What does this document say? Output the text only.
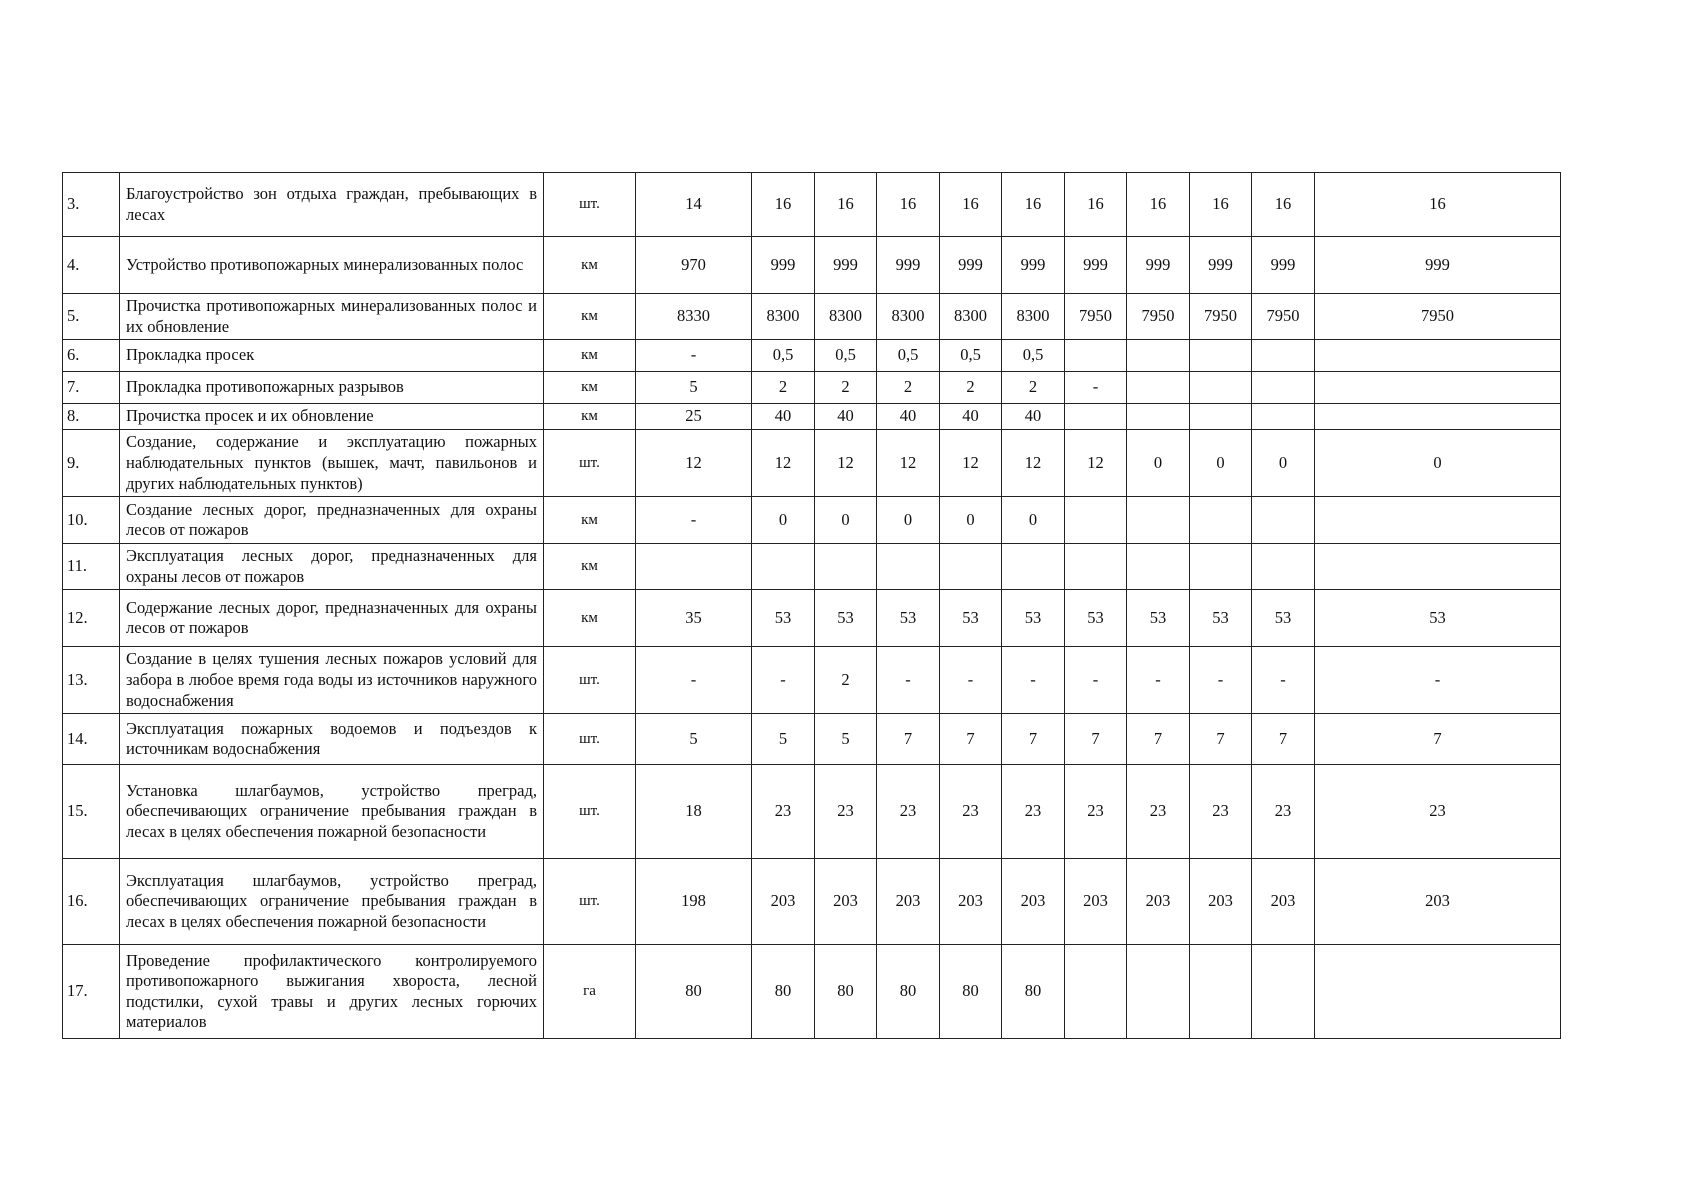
3.	Благоустройство зон отдыха граждан, пребывающих в лесах	шт.	14	16	16	16	16	16	16	16	16	16	16
4.	Устройство противопожарных минерализованных полос	км	970	999	999	999	999	999	999	999	999	999	999
5.	Прочистка противопожарных минерализованных полос и их обновление	км	8330	8300	8300	8300	8300	8300	7950	7950	7950	7950	7950
6.	Прокладка просек	км	-	0,5	0,5	0,5	0,5	0,5					
7.	Прокладка противопожарных разрывов	км	5	2	2	2	2	2	-				
8.	Прочистка просек и их обновление	км	25	40	40	40	40	40					
9.	Создание, содержание и эксплуатацию пожарных наблюдательных пунктов (вышек, мачт, павильонов и других наблюдательных пунктов)	шт.	12	12	12	12	12	12	12	0	0	0	0
10.	Создание лесных дорог, предназначенных для охраны лесов от пожаров	км	-	0	0	0	0	0					
11.	Эксплуатация лесных дорог, предназначенных для охраны лесов от пожаров	км											
12.	Содержание лесных дорог, предназначенных для охраны лесов от пожаров	км	35	53	53	53	53	53	53	53	53	53	53
13.	Создание в целях тушения лесных пожаров условий для забора в любое время года воды из источников наружного водоснабжения	шт.	-	-	2	-	-	-	-	-	-	-	-
14.	Эксплуатация пожарных водоемов и подъездов к источникам водоснабжения	шт.	5	5	5	7	7	7	7	7	7	7	7
15.	Установка шлагбаумов, устройство преград, обеспечивающих ограничение пребывания граждан в лесах в целях обеспечения пожарной безопасности	шт.	18	23	23	23	23	23	23	23	23	23	23
16.	Эксплуатация шлагбаумов, устройство преград, обеспечивающих ограничение пребывания граждан в лесах в целях обеспечения пожарной безопасности	шт.	198	203	203	203	203	203	203	203	203	203	203
17.	Проведение профилактического контролируемого противопожарного выжигания хвороста, лесной подстилки, сухой травы и других лесных горючих материалов	га	80	80	80	80	80	80					
